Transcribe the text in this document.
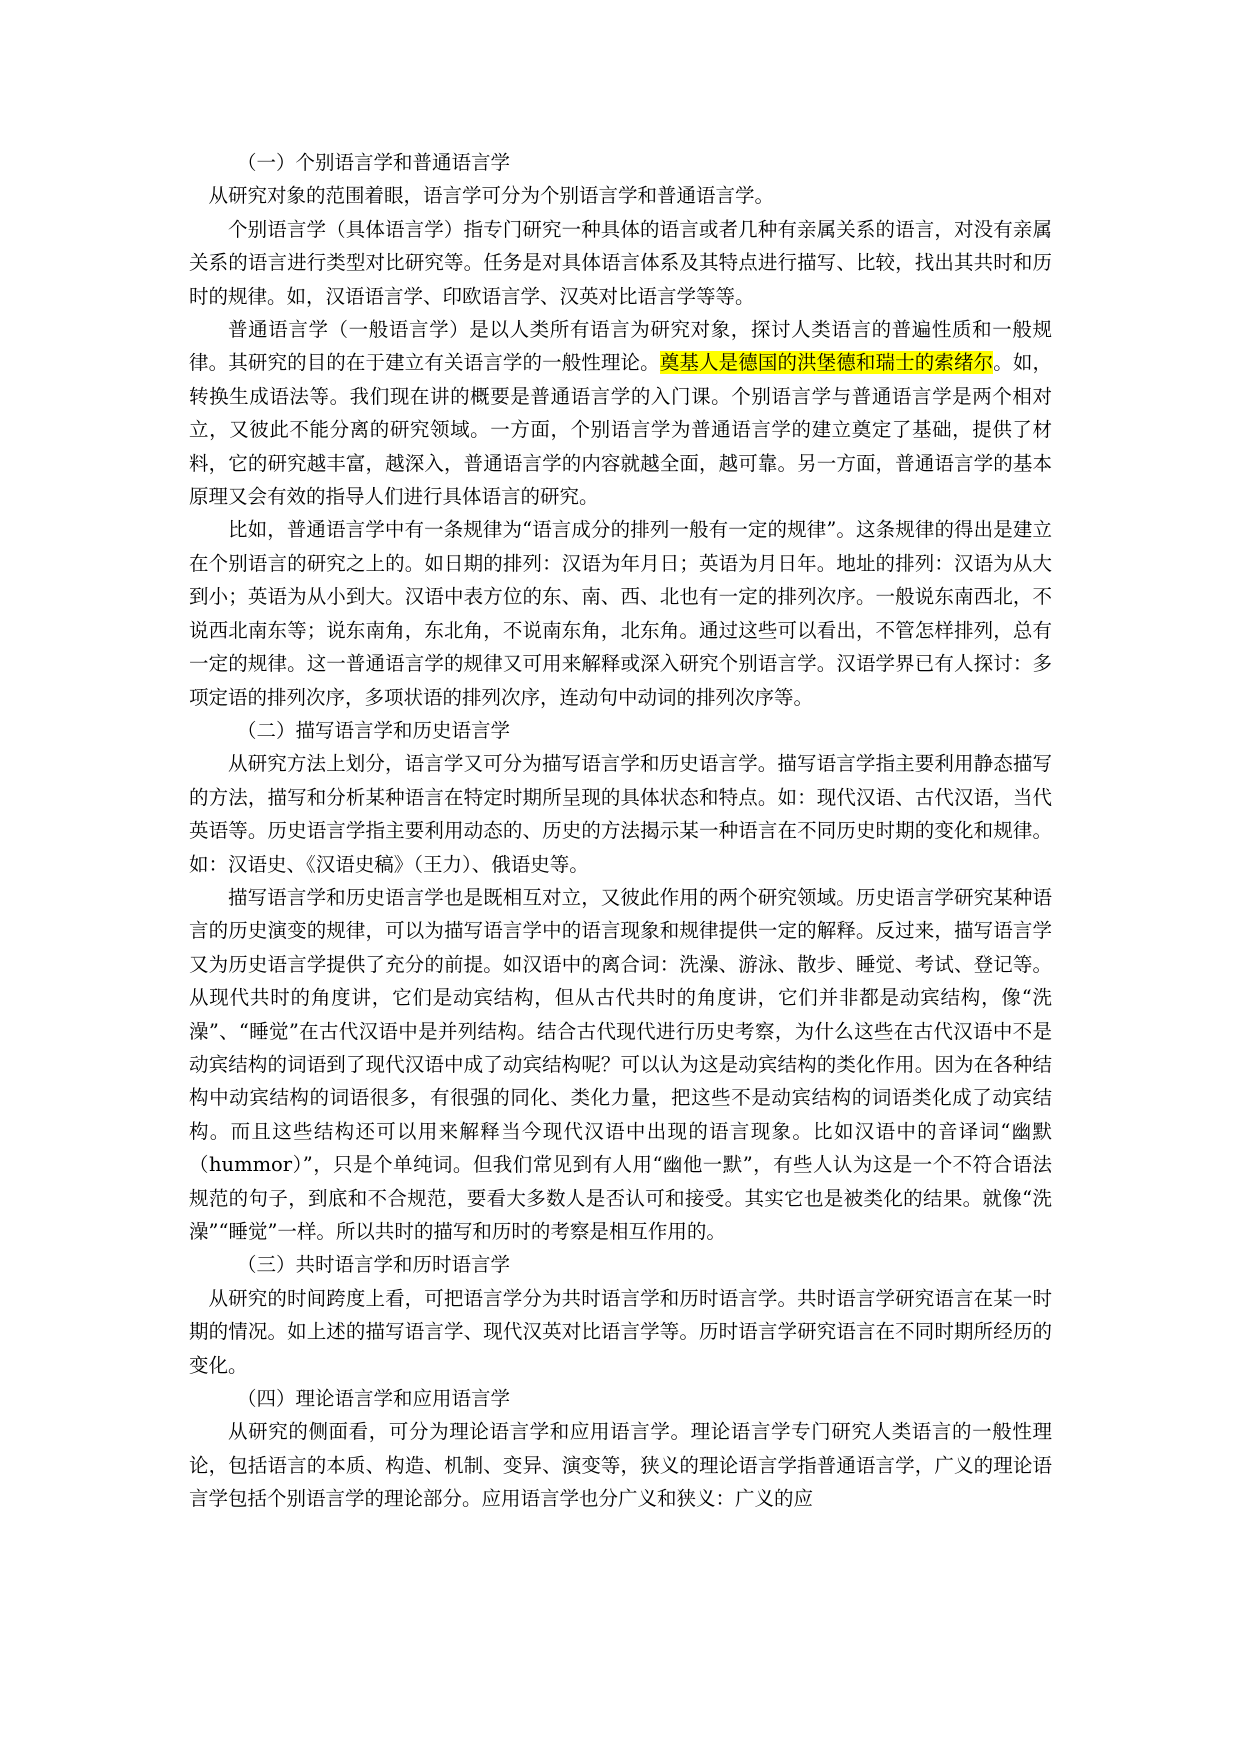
（一）个别语言学和普通语言学

从研究对象的范围着眼，语言学可分为个别语言学和普通语言学。

个别语言学（具体语言学）指专门研究一种具体的语言或者几种有亲属关系的语言，对没有亲属关系的语言进行类型对比研究等。任务是对具体语言体系及其特点进行描写、比较，找出其共时和历时的规律。如，汉语语言学、印欧语言学、汉英对比语言学等等。

普通语言学（一般语言学）是以人类所有语言为研究对象，探讨人类语言的普遍性质和一般规律。其研究的目的在于建立有关语言学的一般性理论。奠基人是德国的洪堡德和瑞士的索绪尔。如，转换生成语法等。我们现在讲的概要是普通语言学的入门课。个别语言学与普通语言学是两个相对立，又彼此不能分离的研究领域。一方面，个别语言学为普通语言学的建立奠定了基础，提供了材料，它的研究越丰富，越深入，普通语言学的内容就越全面，越可靠。另一方面，普通语言学的基本原理又会有效的指导人们进行具体语言的研究。

比如，普通语言学中有一条规律为“语言成分的排列一般有一定的规律”。这条规律的得出是建立在个别语言的研究之上的。如日期的排列：汉语为年月日；英语为月日年。地址的排列：汉语为从大到小；英语为从小到大。汉语中表方位的东、南、西、北也有一定的排列次序。一般说东南西北，不说西北南东等；说东南角，东北角，不说南东角，北东角。通过这些可以看出，不管怎样排列，总有一定的规律。这一普通语言学的规律又可用来解释或深入研究个别语言学。汉语学界已有人探讨：多项定语的排列次序，多项状语的排列次序，连动句中动词的排列次序等。

（二）描写语言学和历史语言学

从研究方法上划分，语言学又可分为描写语言学和历史语言学。描写语言学指主要利用静态描写的方法，描写和分析某种语言在特定时期所呈现的具体状态和特点。如：现代汉语、古代汉语，当代英语等。历史语言学指主要利用动态的、历史的方法揭示某一种语言在不同历史时期的变化和规律。如：汉语史、《汉语史稿》（王力）、俄语史等。

描写语言学和历史语言学也是既相互对立，又彼此作用的两个研究领域。历史语言学研究某种语言的历史演变的规律，可以为描写语言学中的语言现象和规律提供一定的解释。反过来，描写语言学又为历史语言学提供了充分的前提。如汉语中的离合词：洗澡、游泳、散步、睡觉、考试、登记等。从现代共时的角度讲，它们是动宾结构，但从古代共时的角度讲，它们并非都是动宾结构，像“洗澡”、“睡觉”在古代汉语中是并列结构。结合古代现代进行历史考察，为什么这些在古代汉语中不是动宾结构的词语到了现代汉语中成了动宾结构呢？可以认为这是动宾结构的类化作用。因为在各种结构中动宾结构的词语很多，有很强的同化、类化力量，把这些不是动宾结构的词语类化成了动宾结构。而且这些结构还可以用来解释当今现代汉语中出现的语言现象。比如汉语中的音译词“幽默（hummor）”，只是个单纯词。但我们常见到有人用“幽他一默”，有些人认为这是一个不符合语法规范的句子，到底和不合规范，要看大多数人是否认可和接受。其实它也是被类化的结果。就像“洗澡”“睡觉”一样。所以共时的描写和历时的考察是相互作用的。

（三）共时语言学和历时语言学

从研究的时间跨度上看，可把语言学分为共时语言学和历时语言学。共时语言学研究语言在某一时期的情况。如上述的描写语言学、现代汉英对比语言学等。历时语言学研究语言在不同时期所经历的变化。

（四）理论语言学和应用语言学

从研究的侧面看，可分为理论语言学和应用语言学。理论语言学专门研究人类语言的一般性理论，包括语言的本质、构造、机制、变异、演变等，狭义的理论语言学指普通语言学，广义的理论语言学包括个别语言学的理论部分。应用语言学也分广义和狭义：广义的应
